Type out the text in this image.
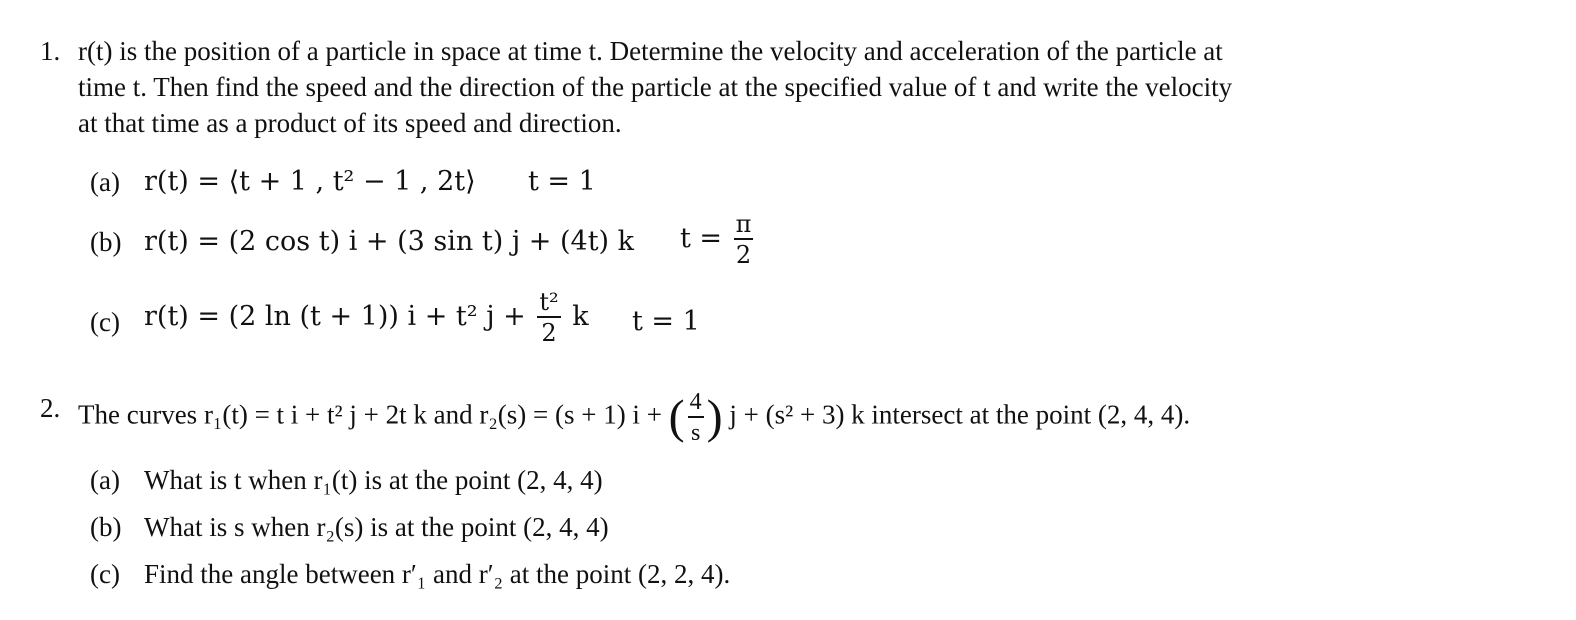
1. r(t) is the position of a particle in space at time t. Determine the velocity and acceleration of the particle at
time t. Then find the speed and the direction of the particle at the specified value of t and write the velocity
at that time as a product of its speed and direction.
(a) r(t) = ⟨t + 1 , t² − 1 , 2t⟩ t = 1
(b) r(t) = (2 cos t) i + (3 sin t) j + (4t) k $t = \frac{\pi}{2}$
(c) r(t) = (2 ln (t + 1)) i + t² $j + \frac{\text{t²}}{2}$ k t = 1
2. The curves r₁(t) = t i + t² j + 2t k and r₂(s) = (s + 1) i + ( $\frac{4}{s}$ ) j + (s² + 3) k intersect at the point (2, 4, 4).
(a) What is t when r₁(t) is at the point (2, 4, 4)
(b) What is s when r₂(s) is at the point (2, 4, 4)
(c) Find the angle between r′₁ and r′₂ at the point (2, 2, 4).
